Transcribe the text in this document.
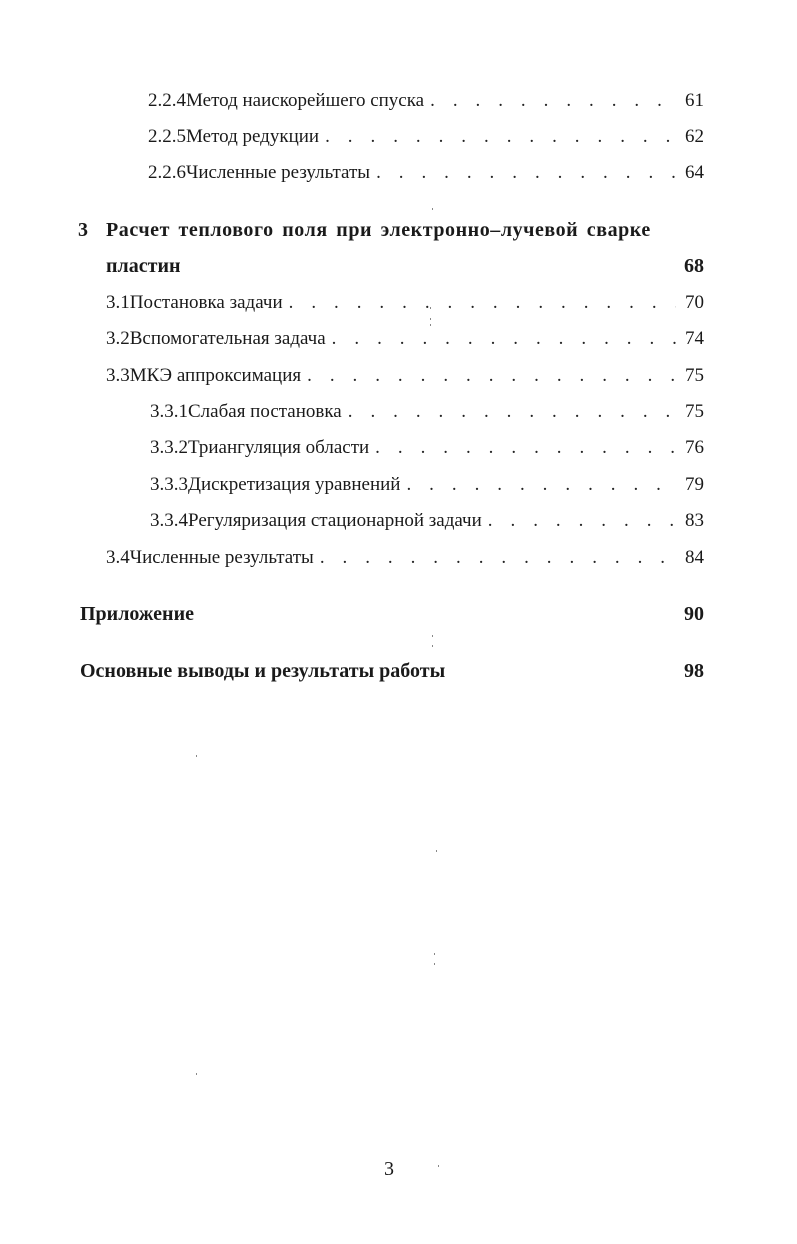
2.2.4 Метод наискорейшего спуска . . .	61
2.2.5 Метод редукции . . .	62
2.2.6 Численные результаты . . .	64
3 Расчет теплового поля при электронно–лучевой сварке
пластин	68
3.1 Постановка задачи . . .	70
3.2 Вспомогательная задача . . .	74
3.3 МКЭ аппроксимация . . .	75
3.3.1 Слабая постановка . . .	75
3.3.2 Триангуляция области . . .	76
3.3.3 Дискретизация уравнений . . .	79
3.3.4 Регуляризация стационарной задачи . . .	83
3.4 Численные результаты . . .	84
Приложение	90
Основные выводы и результаты работы	98
3
